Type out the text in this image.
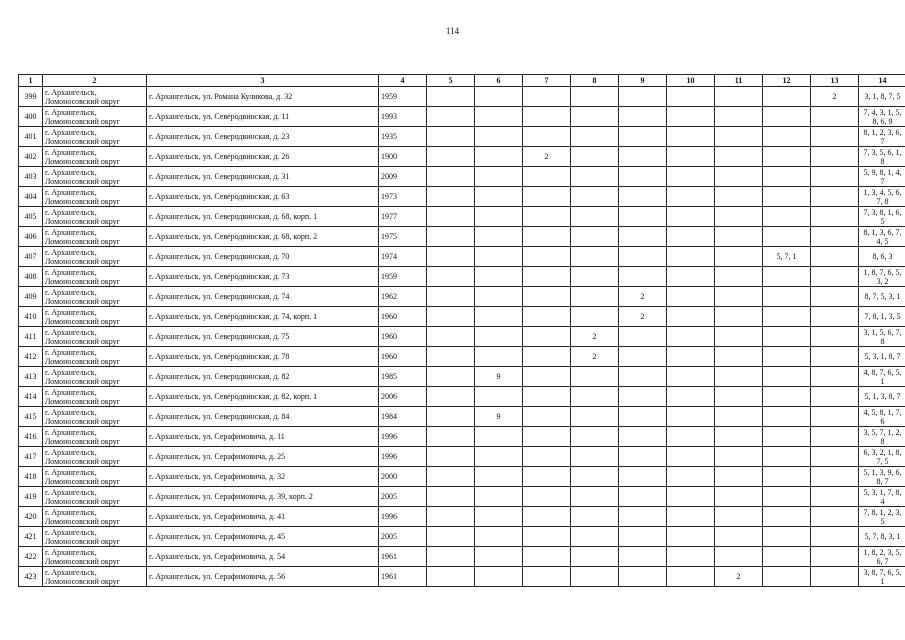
114
1	2	3	4	5	6	7	8	9	10	11	12	13	14
399	г. Архангельск, Ломоносовский округ	г. Архангельск, ул. Романа Куликова, д. 32	1959									2	3, 1, 8, 7, 5
400	г. Архангельск, Ломоносовский округ	г. Архангельск, ул. Северодвинская, д. 11	1993										7, 4, 3, 1, 5, 8, 6, 9
401	г. Архангельск, Ломоносовский округ	г. Архангельск, ул. Северодвинская, д. 23	1935										8, 1, 2, 3, 6, 7
402	г. Архангельск, Ломоносовский округ	г. Архангельск, ул. Северодвинская, д. 26	1900			2							7, 3, 5, 6, 1, 8
403	г. Архангельск, Ломоносовский округ	г. Архангельск, ул. Северодвинская, д. 31	2009										5, 9, 8, 1, 4, 7
404	г. Архангельск, Ломоносовский округ	г. Архангельск, ул. Северодвинская, д. 63	1973										1, 3, 4, 5, 6, 7, 8
405	г. Архангельск, Ломоносовский округ	г. Архангельск, ул. Северодвинская, д. 68, корп. 1	1977										7, 3, 8, 1, 6, 5
406	г. Архангельск, Ломоносовский округ	г. Архангельск, ул. Северодвинская, д. 68, корп. 2	1975										8, 1, 3, 6, 7, 4, 5
407	г. Архангельск, Ломоносовский округ	г. Архангельск, ул. Северодвинская, д. 70	1974								5, 7, 1		8, 6, 3
408	г. Архангельск, Ломоносовский округ	г. Архангельск, ул. Северодвинская, д. 73	1959										1, 8, 7, 6, 5, 3, 2
409	г. Архангельск, Ломоносовский округ	г. Архангельск, ул. Северодвинская, д. 74	1962					2					8, 7, 5, 3, 1
410	г. Архангельск, Ломоносовский округ	г. Архангельск, ул. Северодвинская, д. 74, корп. 1	1960					2					7, 8, 1, 3, 5
411	г. Архангельск, Ломоносовский округ	г. Архангельск, ул. Северодвинская, д. 75	1960				2						3, 1, 5, 6, 7, 8
412	г. Архангельск, Ломоносовский округ	г. Архангельск, ул. Северодвинская, д. 78	1960				2						5, 3, 1, 8, 7
413	г. Архангельск, Ломоносовский округ	г. Архангельск, ул. Северодвинская, д. 82	1985		9								4, 8, 7, 6, 5, 1
414	г. Архангельск, Ломоносовский округ	г. Архангельск, ул. Северодвинская, д. 82, корп. 1	2006										5, 1, 3, 8, 7
415	г. Архангельск, Ломоносовский округ	г. Архангельск, ул. Северодвинская, д. 84	1984		9								4, 5, 8, 1, 7, 6
416	г. Архангельск, Ломоносовский округ	г. Архангельск, ул. Серафимовича, д. 11	1996										3, 5, 7, 1, 2, 8
417	г. Архангельск, Ломоносовский округ	г. Архангельск, ул. Серафимовича, д. 25	1996										6, 3, 2, 1, 8, 7, 5
418	г. Архангельск, Ломоносовский округ	г. Архангельск, ул. Серафимовича, д. 32	2000										5, 1, 3, 9, 6, 8, 7
419	г. Архангельск, Ломоносовский округ	г. Архангельск, ул. Серафимовича, д. 39, корп. 2	2005										5, 3, 1, 7, 8, 4
420	г. Архангельск, Ломоносовский округ	г. Архангельск, ул. Серафимовича, д. 41	1996										7, 8, 1, 2, 3, 5
421	г. Архангельск, Ломоносовский округ	г. Архангельск, ул. Серафимовича, д. 45	2005										5, 7, 8, 3, 1
422	г. Архангельск, Ломоносовский округ	г. Архангельск, ул. Серафимовича, д. 54	1961										1, 8, 2, 3, 5, 6, 7
423	г. Архангельск, Ломоносовский округ	г. Архангельск, ул. Серафимовича, д. 56	1961							2			3, 8, 7, 6, 5, 1
